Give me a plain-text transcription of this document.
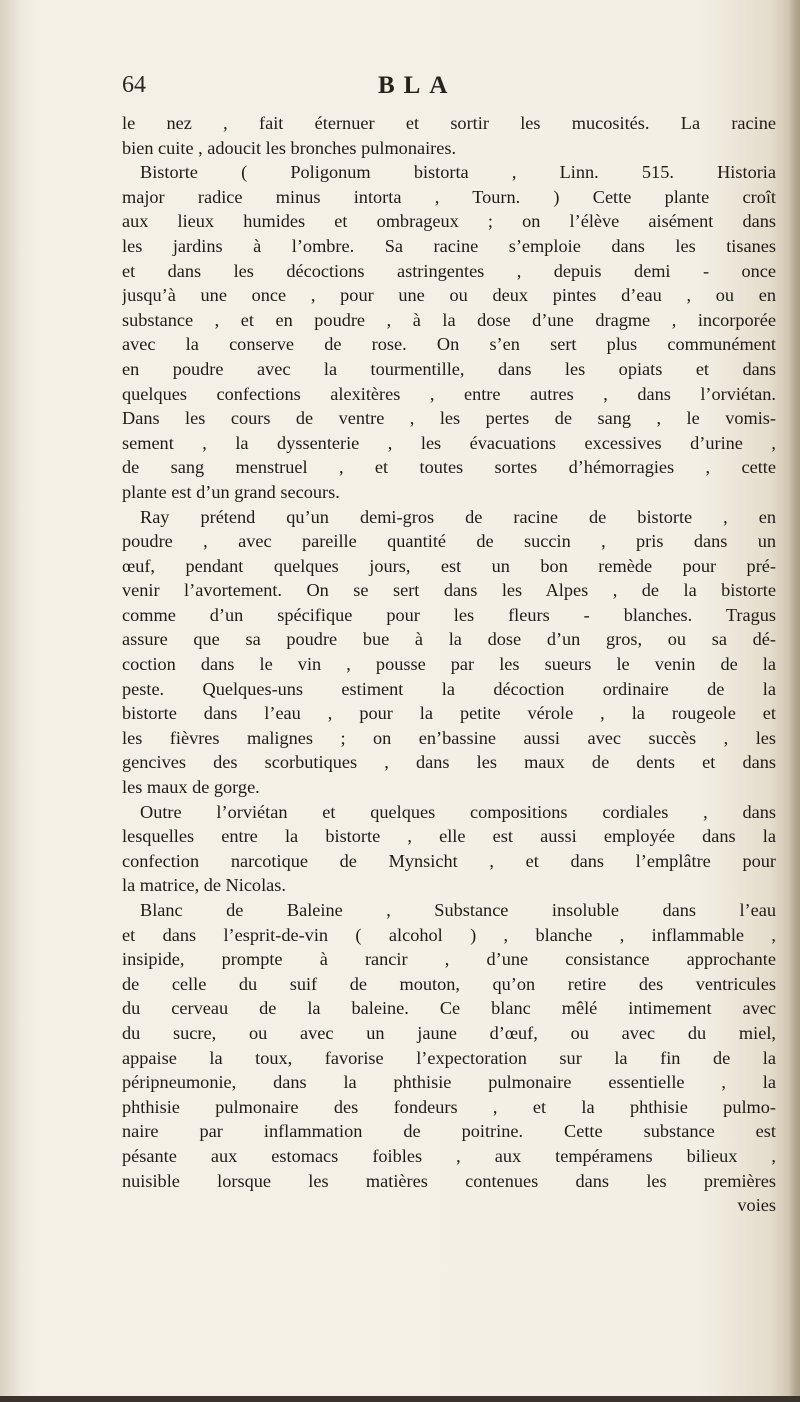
64	BLA
le nez , fait éternuer et sortir les mucosités. La racine
bien cuite , adoucit les bronches pulmonaires.
Bistorte ( Poligonum bistorta , Linn. 515. Historia
major radice minus intorta , Tourn. ) Cette plante croît
aux lieux humides et ombrageux ; on l’élève aisément dans
les jardins à l’ombre. Sa racine s’emploie dans les tisanes
et dans les décoctions astringentes , depuis demi - once
jusqu’à une once , pour une ou deux pintes d’eau , ou en
substance , et en poudre , à la dose d’une dragme , incorporée
avec la conserve de rose. On s’en sert plus communément
en poudre avec la tourmentille, dans les opiats et dans
quelques confections alexitères , entre autres , dans l’orviétan.
Dans les cours de ventre , les pertes de sang , le vomis-
sement , la dyssenterie , les évacuations excessives d’urine ,
de sang menstruel , et toutes sortes d’hémorragies , cette
plante est d’un grand secours.
Ray prétend qu’un demi-gros de racine de bistorte , en
poudre , avec pareille quantité de succin , pris dans un
œuf, pendant quelques jours, est un bon remède pour pré-
venir l’avortement. On se sert dans les Alpes , de la bistorte
comme d’un spécifique pour les fleurs - blanches. Tragus
assure que sa poudre bue à la dose d’un gros, ou sa dé-
coction dans le vin , pousse par les sueurs le venin de la
peste. Quelques-uns estiment la décoction ordinaire de la
bistorte dans l’eau , pour la petite vérole , la rougeole et
les fièvres malignes ; on en’bassine aussi avec succès , les
gencives des scorbutiques , dans les maux de dents et dans
les maux de gorge.
Outre l’orviétan et quelques compositions cordiales , dans
lesquelles entre la bistorte , elle est aussi employée dans la
confection narcotique de Mynsicht , et dans l’emplâtre pour
la matrice, de Nicolas.
Blanc de Baleine , Substance insoluble dans l’eau
et dans l’esprit-de-vin ( alcohol ) , blanche , inflammable ,
insipide, prompte à rancir , d’une consistance approchante
de celle du suif de mouton, qu’on retire des ventricules
du cerveau de la baleine. Ce blanc mêlé intimement avec
du sucre, ou avec un jaune d’œuf, ou avec du miel,
appaise la toux, favorise l’expectoration sur la fin de la
péripneumonie, dans la phthisie pulmonaire essentielle , la
phthisie pulmonaire des fondeurs , et la phthisie pulmo-
naire par inflammation de poitrine. Cette substance est
pésante aux estomacs foibles , aux tempéramens bilieux ,
nuisible lorsque les matières contenues dans les premières
voies
